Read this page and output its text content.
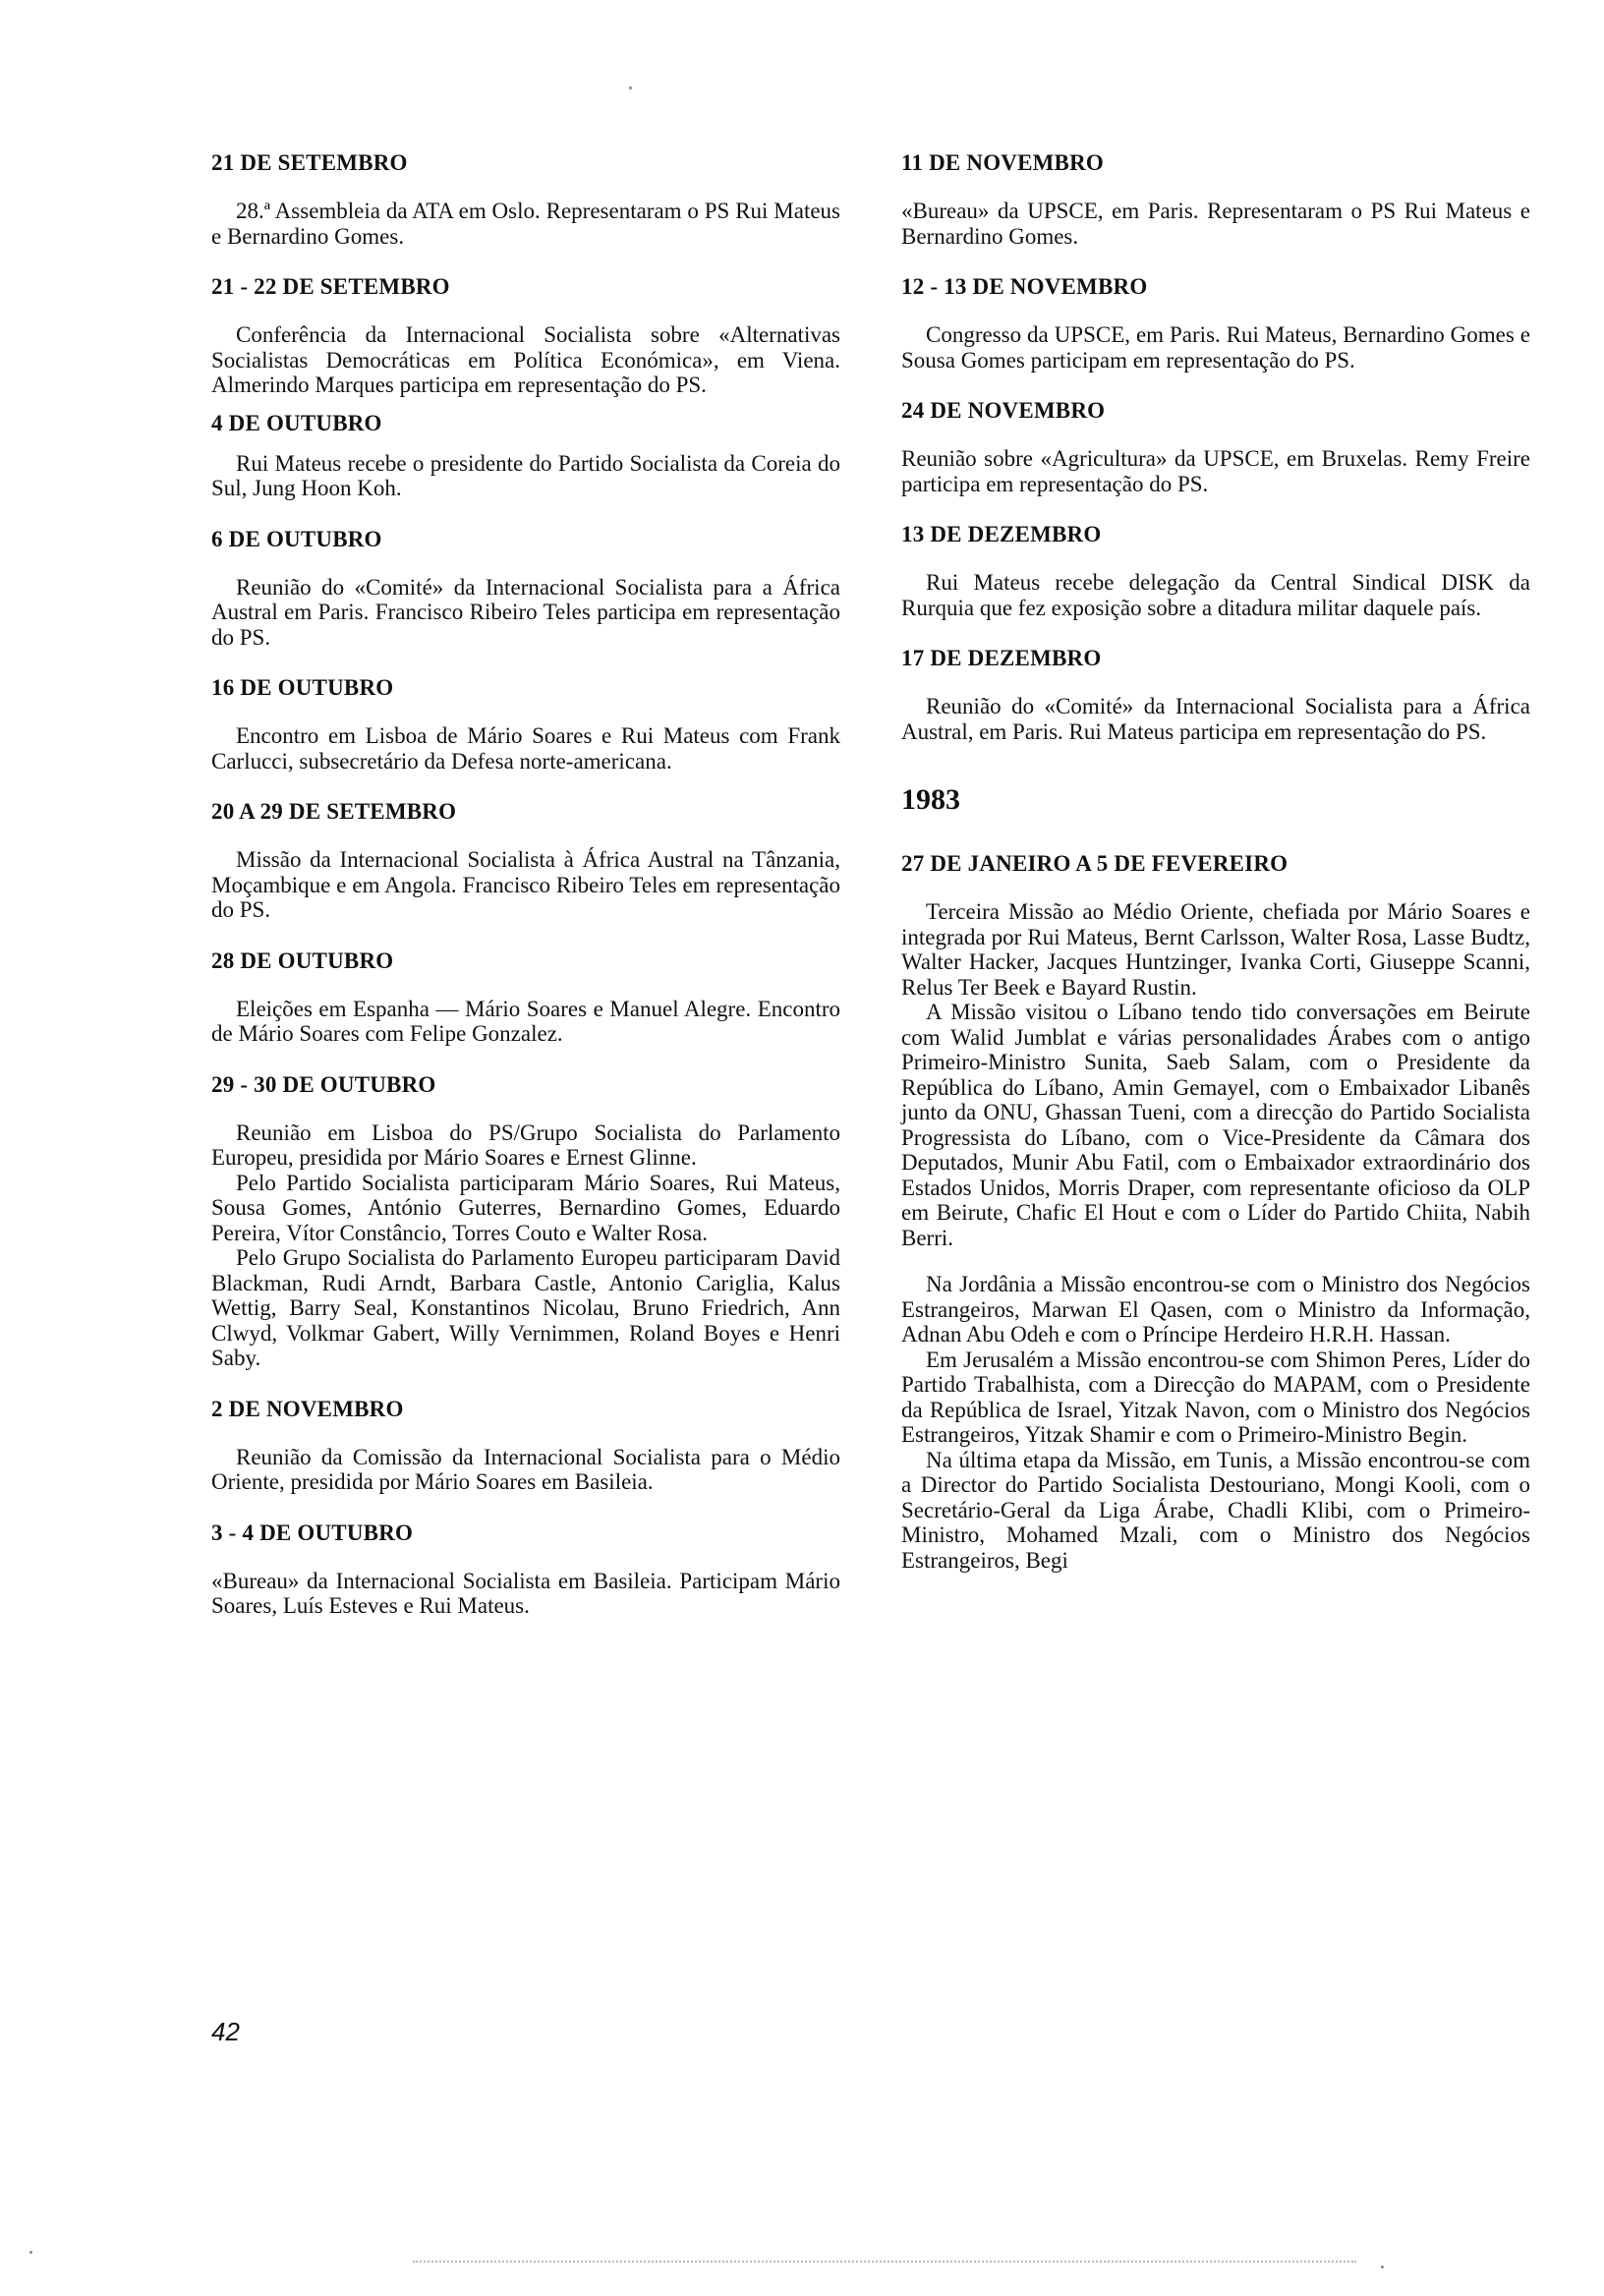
21 DE SETEMBRO

28.ª Assembleia da ATA em Oslo. Representaram o PS Rui Mateus e Bernardino Gomes.

21 - 22 DE SETEMBRO

Conferência da Internacional Socialista sobre «Alternativas Socialistas Democráticas em Política Económica», em Viena. Almerindo Marques participa em representação do PS.

4 DE OUTUBRO

Rui Mateus recebe o presidente do Partido Socialista da Coreia do Sul, Jung Hoon Koh.

6 DE OUTUBRO

Reunião do «Comité» da Internacional Socialista para a África Austral em Paris. Francisco Ribeiro Teles participa em representação do PS.

16 DE OUTUBRO

Encontro em Lisboa de Mário Soares e Rui Mateus com Frank Carlucci, subsecretário da Defesa norte-americana.

20 A 29 DE SETEMBRO

Missão da Internacional Socialista à África Austral na Tânzania, Moçambique e em Angola. Francisco Ribeiro Teles em representação do PS.

28 DE OUTUBRO

Eleições em Espanha — Mário Soares e Manuel Alegre. Encontro de Mário Soares com Felipe Gonzalez.

29 - 30 DE OUTUBRO

Reunião em Lisboa do PS/Grupo Socialista do Parlamento Europeu, presidida por Mário Soares e Ernest Glinne.

Pelo Partido Socialista participaram Mário Soares, Rui Mateus, Sousa Gomes, António Guterres, Bernardino Gomes, Eduardo Pereira, Vítor Constâncio, Torres Couto e Walter Rosa.

Pelo Grupo Socialista do Parlamento Europeu participaram David Blackman, Rudi Arndt, Barbara Castle, Antonio Cariglia, Kalus Wettig, Barry Seal, Konstantinos Nicolau, Bruno Friedrich, Ann Clwyd, Volkmar Gabert, Willy Vernimmen, Roland Boyes e Henri Saby.

2 DE NOVEMBRO

Reunião da Comissão da Internacional Socialista para o Médio Oriente, presidida por Mário Soares em Basileia.

3 - 4 DE OUTUBRO

«Bureau» da Internacional Socialista em Basileia. Participam Mário Soares, Luís Esteves e Rui Mateus.

11 DE NOVEMBRO

«Bureau» da UPSCE, em Paris. Representaram o PS Rui Mateus e Bernardino Gomes.

12 - 13 DE NOVEMBRO

Congresso da UPSCE, em Paris. Rui Mateus, Bernardino Gomes e Sousa Gomes participam em representação do PS.

24 DE NOVEMBRO

Reunião sobre «Agricultura» da UPSCE, em Bruxelas. Remy Freire participa em representação do PS.

13 DE DEZEMBRO

Rui Mateus recebe delegação da Central Sindical DISK da Rurquia que fez exposição sobre a ditadura militar daquele país.

17 DE DEZEMBRO

Reunião do «Comité» da Internacional Socialista para a África Austral, em Paris. Rui Mateus participa em representação do PS.

1983
27 DE JANEIRO A 5 DE FEVEREIRO

Terceira Missão ao Médio Oriente, chefiada por Mário Soares e integrada por Rui Mateus, Bernt Carlsson, Walter Rosa, Lasse Budtz, Walter Hacker, Jacques Huntzinger, Ivanka Corti, Giuseppe Scanni, Relus Ter Beek e Bayard Rustin.

A Missão visitou o Líbano tendo tido conversações em Beirute com Walid Jumblat e várias personalidades Árabes com o antigo Primeiro-Ministro Sunita, Saeb Salam, com o Presidente da República do Líbano, Amin Gemayel, com o Embaixador Libanês junto da ONU, Ghassan Tueni, com a direcção do Partido Socialista Progressista do Líbano, com o Vice-Presidente da Câmara dos Deputados, Munir Abu Fatil, com o Embaixador extraordinário dos Estados Unidos, Morris Draper, com representante oficioso da OLP em Beirute, Chafic El Hout e com o Líder do Partido Chiita, Nabih Berri.

Na Jordânia a Missão encontrou-se com o Ministro dos Negócios Estrangeiros, Marwan El Qasen, com o Ministro da Informação, Adnan Abu Odeh e com o Príncipe Herdeiro H.R.H. Hassan.

Em Jerusalém a Missão encontrou-se com Shimon Peres, Líder do Partido Trabalhista, com a Direcção do MAPAM, com o Presidente da República de Israel, Yitzak Navon, com o Ministro dos Negócios Estrangeiros, Yitzak Shamir e com o Primeiro-Ministro Begin.

Na última etapa da Missão, em Tunis, a Missão encontrou-se com a Director do Partido Socialista Destouriano, Mongi Kooli, com o Secretário-Geral da Liga Árabe, Chadli Klibi, com o Primeiro-Ministro, Mohamed Mzali, com o Ministro dos Negócios Estrangeiros, Begi

42
